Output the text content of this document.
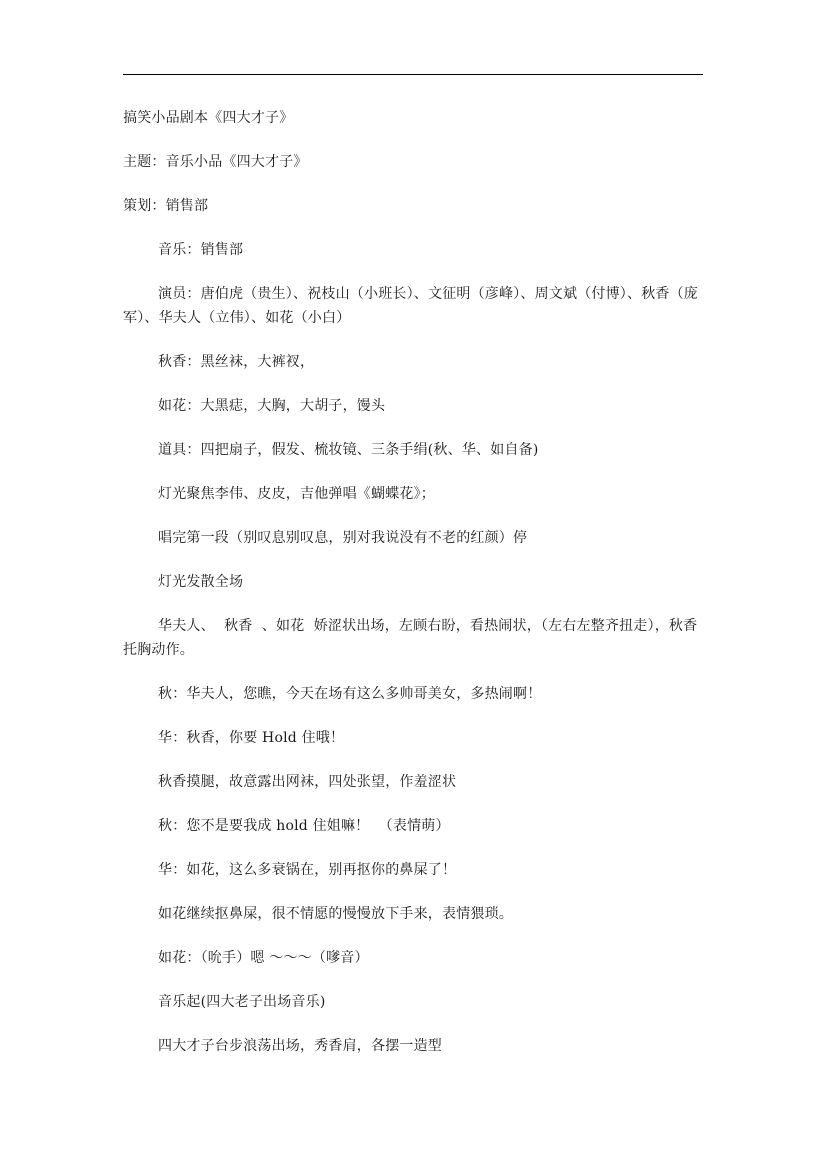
搞笑小品剧本《四大才子》

主题：音乐小品《四大才子》

策划：销售部

音乐：销售部

演员：唐伯虎（贵生）、祝枝山（小班长）、文征明（彦峰）、周文斌（付博）、秋香（庞军）、华夫人（立伟）、如花（小白）

秋香：黑丝袜，大裤衩，

如花：大黑痣，大胸，大胡子，馒头

道具：四把扇子，假发、梳妆镜、三条手绢(秋、华、如自备)

灯光聚焦李伟、皮皮，吉他弹唱《蝴蝶花》；

唱完第一段（别叹息别叹息，别对我说没有不老的红颜）停

灯光发散全场

华夫人、  秋香  、如花  娇涩状出场，左顾右盼，看热闹状，（左右左整齐扭走），秋香托胸动作。

秋：华夫人，您瞧，今天在场有这么多帅哥美女，多热闹啊！

华：秋香，你要 Hold 住哦！

秋香摸腿，故意露出网袜，四处张望，作羞涩状

秋：您不是要我成 hold 住姐嘛！  （表情萌）

华：如花，这么多衰锅在，别再抠你的鼻屎了！

如花继续抠鼻屎，很不情愿的慢慢放下手来，表情猥琐。

如花：（吮手）嗯 ～～～（嗲音）

音乐起(四大老子出场音乐)

四大才子台步浪荡出场，秀香肩，各摆一造型
